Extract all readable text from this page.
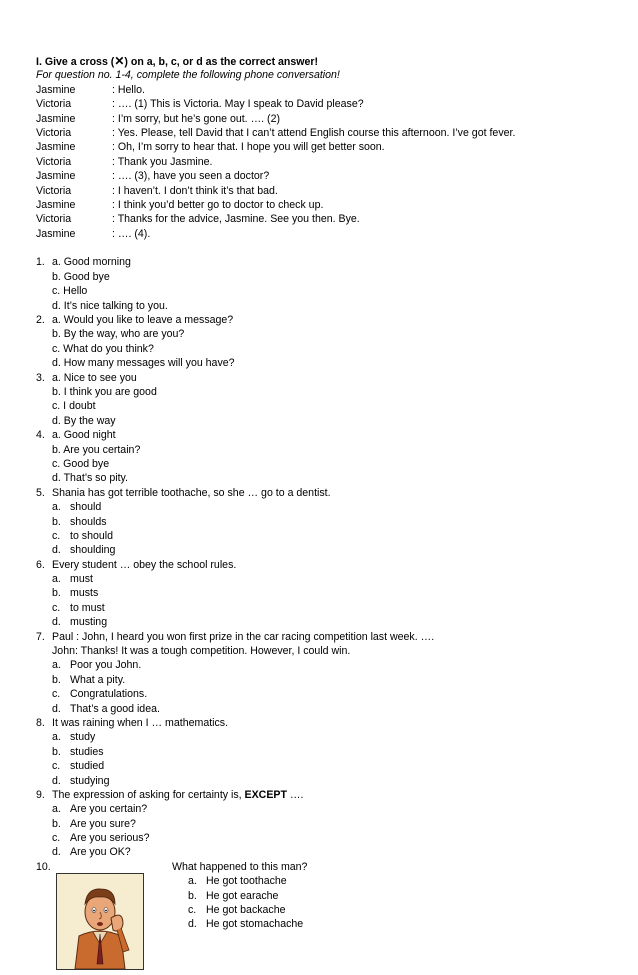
I. Give a cross (✕) on a, b, c, or d as the correct answer!
For question no. 1-4, complete the following phone conversation!
Jasmine	: Hello.
Victoria	: …. (1) This is Victoria. May I speak to David please?
Jasmine	: I’m sorry, but he’s gone out. …. (2)
Victoria	: Yes. Please, tell David that I can’t attend English course this afternoon. I’ve got fever.
Jasmine	: Oh, I’m sorry to hear that. I hope you will get better soon.
Victoria	: Thank you Jasmine.
Jasmine	: …. (3), have you seen a doctor?
Victoria	: I haven’t. I don’t think it’s that bad.
Jasmine	: I think you’d better go to doctor to check up.
Victoria	: Thanks for the advice, Jasmine. See you then. Bye.
Jasmine	: …. (4).
1. a. Good morning
b. Good bye
c. Hello
d. It’s nice talking to you.
2. a. Would you like to leave a message?
b. By the way, who are you?
c. What do you think?
d. How many messages will you have?
3. a. Nice to see you
b. I think you are good
c. I doubt
d. By the way
4. a. Good night
b. Are you certain?
c. Good bye
d. That’s so pity.
5. Shania has got terrible toothache, so she … go to a dentist.
a. should
b. shoulds
c. to should
d. shoulding
6. Every student … obey the school rules.
a. must
b. musts
c. to must
d. musting
7. Paul : John, I heard you won first prize in the car racing competition last week. ….
John: Thanks! It was a tough competition. However, I could win.
a. Poor you John.
b. What a pity.
c. Congratulations.
d. That’s a good idea.
8. It was raining when I … mathematics.
a. study
b. studies
c. studied
d. studying
9. The expression of asking for certainty is, EXCEPT ….
a. Are you certain?
b. Are you sure?
c. Are you serious?
d. Are you OK?
10.	What happened to this man?
a. He got toothache
b. He got earache
c. He got backache
d. He got stomachache
